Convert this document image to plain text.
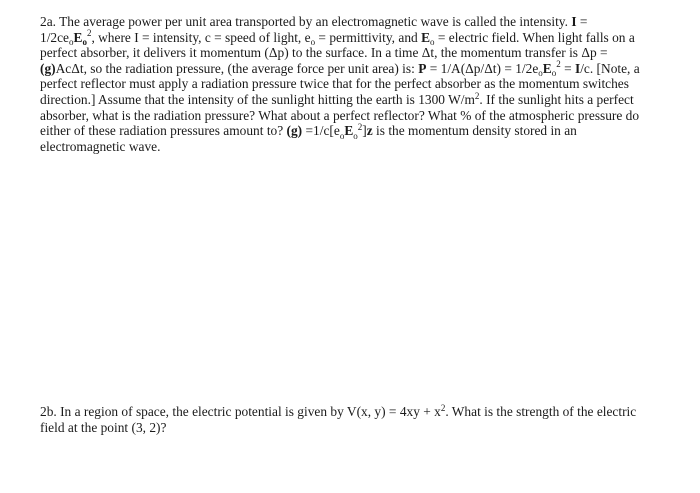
2a. The average power per unit area transported by an electromagnetic wave is called the intensity. I =
$1/2ce_oE_o^2$, where I = intensity, c = speed of light, $e_o$ = permittivity, and $E_o$ = electric field. When light falls on a
perfect absorber, it delivers it momentum (Δp) to the surface. In a time Δt, the momentum transfer is Δp =
(g)AcΔt, so the radiation pressure, (the average force per unit area) is: $P = 1/A(\Delta p/\Delta t) = 1/2e_oE_o^2 = I/c$. [Note, a
perfect reflector must apply a radiation pressure twice that for the perfect absorber as the momentum switches
direction.] Assume that the intensity of the sunlight hitting the earth is 1300 $W/m^2$. If the sunlight hits a perfect
absorber, what is the radiation pressure? What about a perfect reflector? What % of the atmospheric pressure do
either of these radiation pressures amount to? $(g) =1/c[e_oE_o^2]z$ is the momentum density stored in an
electromagnetic wave.
2b. In a region of space, the electric potential is given by V(x, $y) = 4xy + x^2$. What is the strength of the electric
field at the point (3, 2)?
